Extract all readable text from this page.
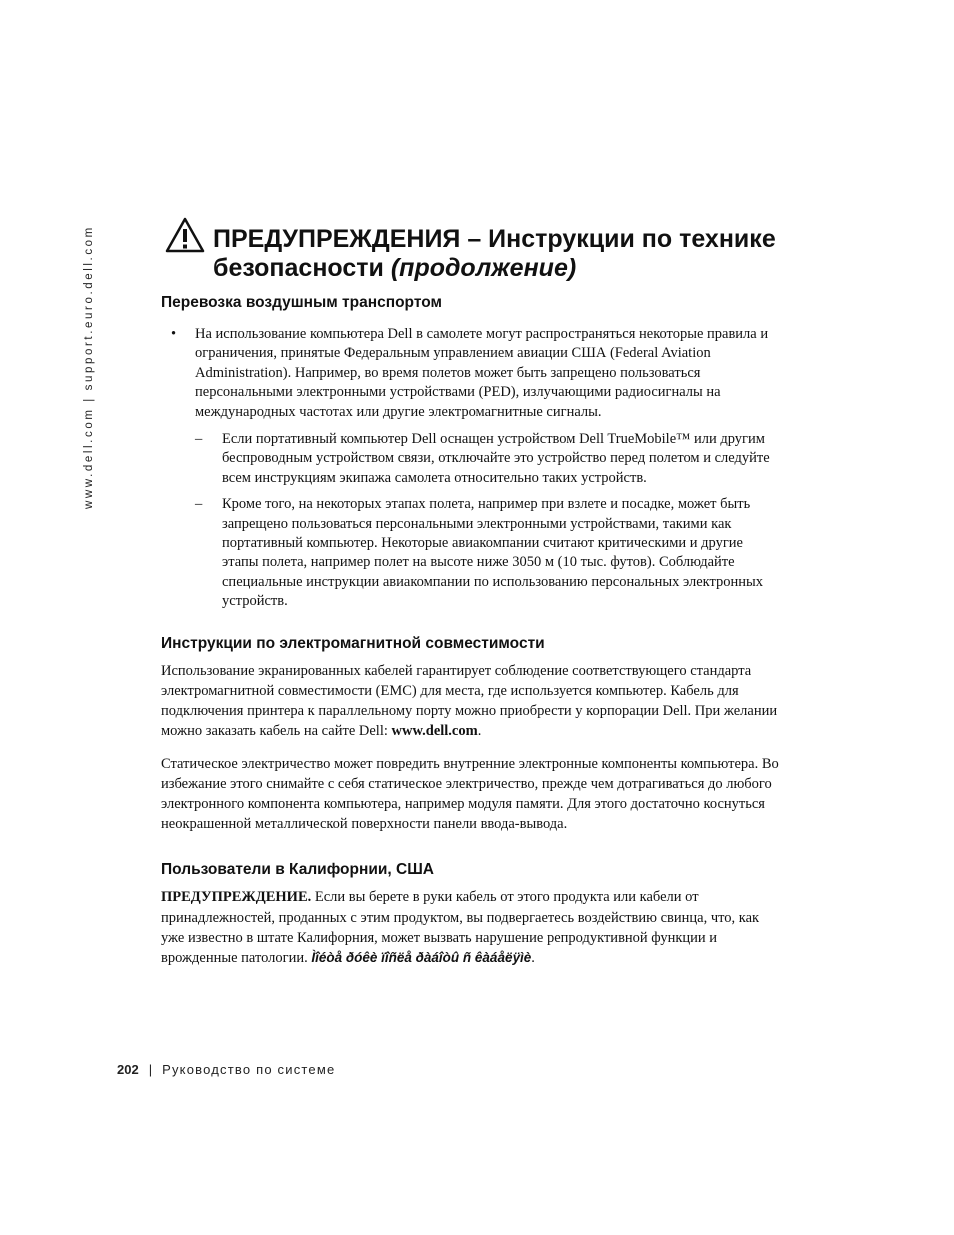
www.dell.com | support.euro.dell.com	ПРЕДУПРЕЖДЕНИЯ – Инструкции по технике безопасности (продолжение)
Перевозка воздушным транспортом
• На использование компьютера Dell в самолете могут распространяться некоторые правила и ограничения, принятые Федеральным управлением авиации США (Federal Aviation Administration). Например, во время полетов может быть запрещено пользоваться персональными электронными устройствами (PED), излучающими радиосигналы на международных частотах или другие электромагнитные сигналы.
– Если портативный компьютер Dell оснащен устройством Dell TrueMobile™ или другим беспроводным устройством связи, отключайте это устройство перед полетом и следуйте всем инструкциям экипажа самолета относительно таких устройств.
– Кроме того, на некоторых этапах полета, например при взлете и посадке, может быть запрещено пользоваться персональными электронными устройствами, такими как портативный компьютер. Некоторые авиакомпании считают критическими и другие этапы полета, например полет на высоте ниже 3050 м (10 тыс. футов). Соблюдайте специальные инструкции авиакомпании по использованию персональных электронных устройств.
Инструкции по электромагнитной совместимости

Использование экранированных кабелей гарантирует соблюдение соответствующего стандарта электромагнитной совместимости (EMC) для места, где используется компьютер. Кабель для подключения принтера к параллельному порту можно приобрести у корпорации Dell. При желании можно заказать кабель на сайте Dell: www.dell.com.

Статическое электричество может повредить внутренние электронные компоненты компьютера. Во избежание этого снимайте с себя статическое электричество, прежде чем дотрагиваться до любого электронного компонента компьютера, например модуля памяти. Для этого достаточно коснуться неокрашенной металлической поверхности панели ввода-вывода.

Пользователи в Калифорнии, США

ПРЕДУПРЕЖДЕНИЕ. Если вы берете в руки кабель от этого продукта или кабели от принадлежностей, проданных с этим продуктом, вы подвергаетесь воздействию свинца, что, как уже известно в штате Калифорния, может вызвать нарушение репродуктивной функции и врожденные патологии. Ìîéòå ðóêè ïîñëå ðàáîòû ñ êàáåëÿìè.

202 | Руководство по системе
